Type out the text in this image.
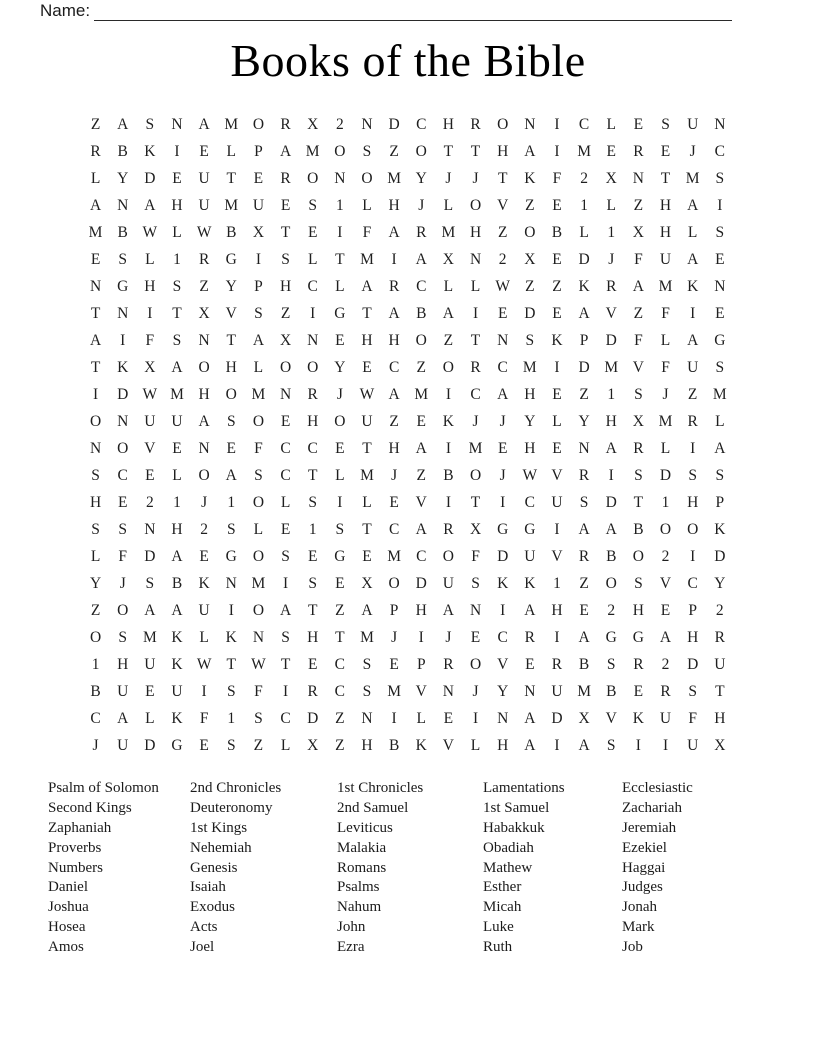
Name:
Books of the Bible
Z	A	S	N	A M O	R	X	2	N	D	C	H	R	O	N	I	C	L	E	S	U	N
R	B	K	I	E	L	P	A M O	S	Z	O	T	T	H	A	I	M	E	R	E	J	C
L	Y	D	E	U	T	E	R	O	N	O M Y	J	J	T	K	F	2	X	N	T	M	S
A	N	A	H	U M U	E	S	1	L	H	J	L	O	V	Z	E	1	L	Z	H	A	I
M B W L W B	X	T	E	I	F	A	R M H	Z	O	B	L	1	X	H	L	S
E	S	L	1	R	G	I	S	L	T	M	I	A	X	N	2	X	E	D	J	F	U	A	E
N	G	H	S	Z	Y	P	H	C	L	A	R	C	L	L W Z	Z	K	R	A M K	N
T	N	I	T	X	V	S	Z	I	G	T	A	B	A	I	E	D	E	A	V	Z	F	I	E
A	I	F	S	N	T	A	X	N	E	H	H	O	Z	T	N	S	K	P	D	F	L	A	G
T	K	X	A	O	H	L	O	O	Y	E	C	Z	O	R	C M	I	D M V	F	U	S
I	D W M H	O M N	R	J	W A M	I	C	A	H	E	Z	1	S	J	Z	M
O	N	U	U	A	S	O	E	H	O	U	Z	E	K	J	J	Y	L	Y	H	X M R	L
N	O	V	E	N	E	F	C	C	E	T	H	A	I	M	E	H	E	N	A	R	L	I	A
S	C	E	L	O	A	S	C	T	L	M	J	Z	B	O	J	W V	R	I	S	D	S	S
H	E	2	1	J	1	O	L	S	I	L	E	V	I	T	I	C	U	S	D	T	1	H	P
S	S	N	H	2	S	L	E	1	S	T	C	A	R	X	G	G	I	A	A	B	O	O	K
L	F	D	A	E	G	O	S	E	G	E	M C	O	F	D	U	V	R	B	O	2	I	D
Y	J	S	B	K	N M	I	S	E	X	O	D	U	S	K	K	1	Z	O	S	V	C	Y
Z	O	A	A	U	I	O	A	T	Z	A	P	H	A	N	I	A	H	E	2	H	E	P	2
O	S	M K	L	K	N	S	H	T	M	J	I	J	E	C	R	I	A	G	G	A	H	R
1	H	U	K W T W T	E	C	S	E	P	R	O	V	E	R	B	S	R	2	D	U
B	U	E	U	I	S	F	I	R	C	S	M V	N	J	Y	N	U M B	E	R	S	T
C	A	L	K	F	1	S	C	D	Z	N	I	L	E	I	N	A	D	X	V	K	U	F	H
J	U	D	G	E	S	Z	L	X	Z	H	B	K	V	L	H	A	I	A	S	I	I	U	X
Psalm of Solomon
Second Kings
Zaphaniah
Proverbs
Numbers
Daniel
Joshua
Hosea
Amos
2nd Chronicles
Deuteronomy
1st Kings
Nehemiah
Genesis
Isaiah
Exodus
Acts
Joel
1st Chronicles
2nd Samuel
Leviticus
Malakia
Romans
Psalms
Nahum
John
Ezra
Lamentations
1st Samuel
Habakkuk
Obadiah
Mathew
Esther
Micah
Luke
Ruth
Ecclesiastic
Zachariah
Jeremiah
Ezekiel
Haggai
Judges
Jonah
Mark
Job
